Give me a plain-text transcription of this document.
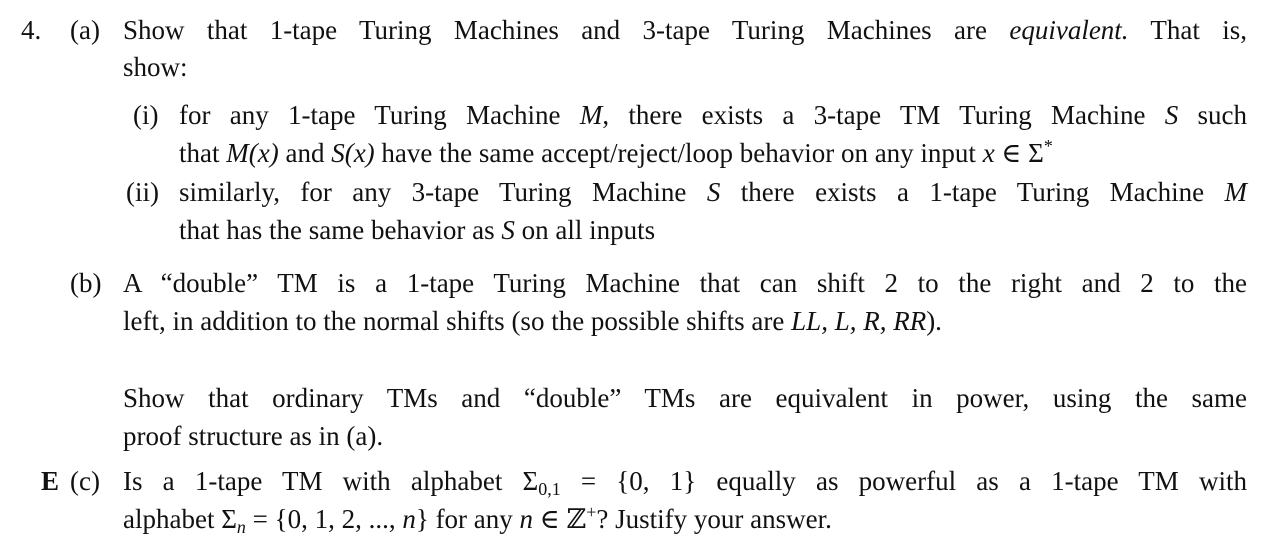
4. (a) Show that 1-tape Turing Machines and 3-tape Turing Machines are equivalent. That is,
show:
(i) for any 1-tape Turing Machine M, there exists a 3-tape TM Turing Machine S such
that M(x) and S(x) have the same accept/reject/loop behavior on any input x ∈ Σ*
(ii) similarly, for any 3-tape Turing Machine S there exists a 1-tape Turing Machine M
that has the same behavior as S on all inputs
(b) A “double” TM is a 1-tape Turing Machine that can shift 2 to the right and 2 to the
left, in addition to the normal shifts (so the possible shifts are LL, L, R, RR).
Show that ordinary TMs and “double” TMs are equivalent in power, using the same
proof structure as in (a).
E (c) Is a 1-tape TM with alphabet $\Sigma_{0,1} = \{0$, 1} equally as powerful as a 1-tape TM with
alphabet $\Sigma_n = \{0$, 1, 2, ..., n} for any n ∈ ℤ+? Justify your answer.
